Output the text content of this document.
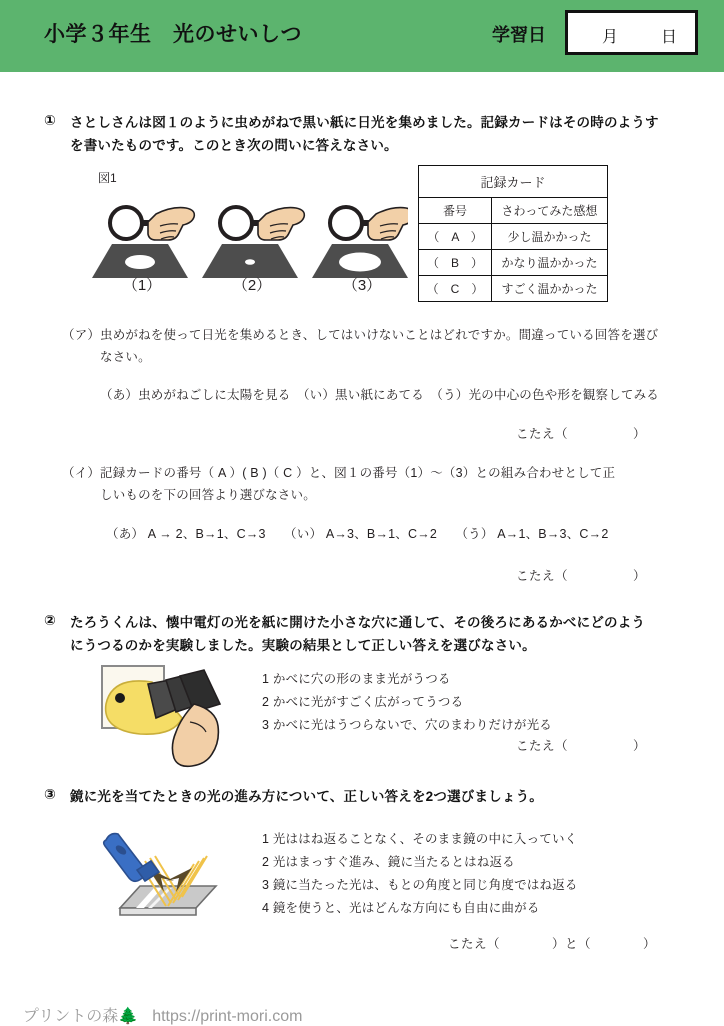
小学３年生　光のせいしつ	学習日	月	日
① さとしさんは図１のように虫めがねで黒い紙に日光を集めました。記録カードはその時のようす
を書いたものです。このとき次の問いに答えなさい。
図1
（1）	（2）	（3）
記録カード	
番号	さわってみた感想
（　A　）	少し温かかった
（　B　）	かなり温かかった
（　C　）	すごく温かかった
（ア） 虫めがねを使って日光を集めるとき、してはいけないことはどれですか。間違っている回答を選び
なさい。
（あ）虫めがねごしに太陽を見る　（い）黒い紙にあてる　（う）光の中心の色や形を観察してみる
こたえ（　　　　　）
（イ） 記録カードの番号（ A ）( B )（ C ）と、図１の番号（1）〜（3）との組み合わせとして正
しいものを下の回答より選びなさい。
（あ） A → 2、B→1、C→3     （い） A→3、B→1、C→2     （う） A→1、B→3、C→2
こたえ（　　　　　）
② たろうくんは、懐中電灯の光を紙に開けた小さな穴に通して、その後ろにあるかべにどのよう
にうつるのかを実験しました。実験の結果として正しい答えを選びなさい。
1 かべに穴の形のまま光がうつる
2 かべに光がすごく広がってうつる
3 かべに光はうつらないで、穴のまわりだけが光る
こたえ（　　　　　）
③ 鏡に光を当てたときの光の進み方について、正しい答えを2つ選びましょう。
1 光ははね返ることなく、そのまま鏡の中に入っていく
2 光はまっすぐ進み、鏡に当たるとはね返る
3 鏡に当たった光は、もとの角度と同じ角度ではね返る
4 鏡を使うと、光はどんな方向にも自由に曲がる
こたえ（　　　　）と（　　　　）

プリントの森🌲 https://print-mori.com
